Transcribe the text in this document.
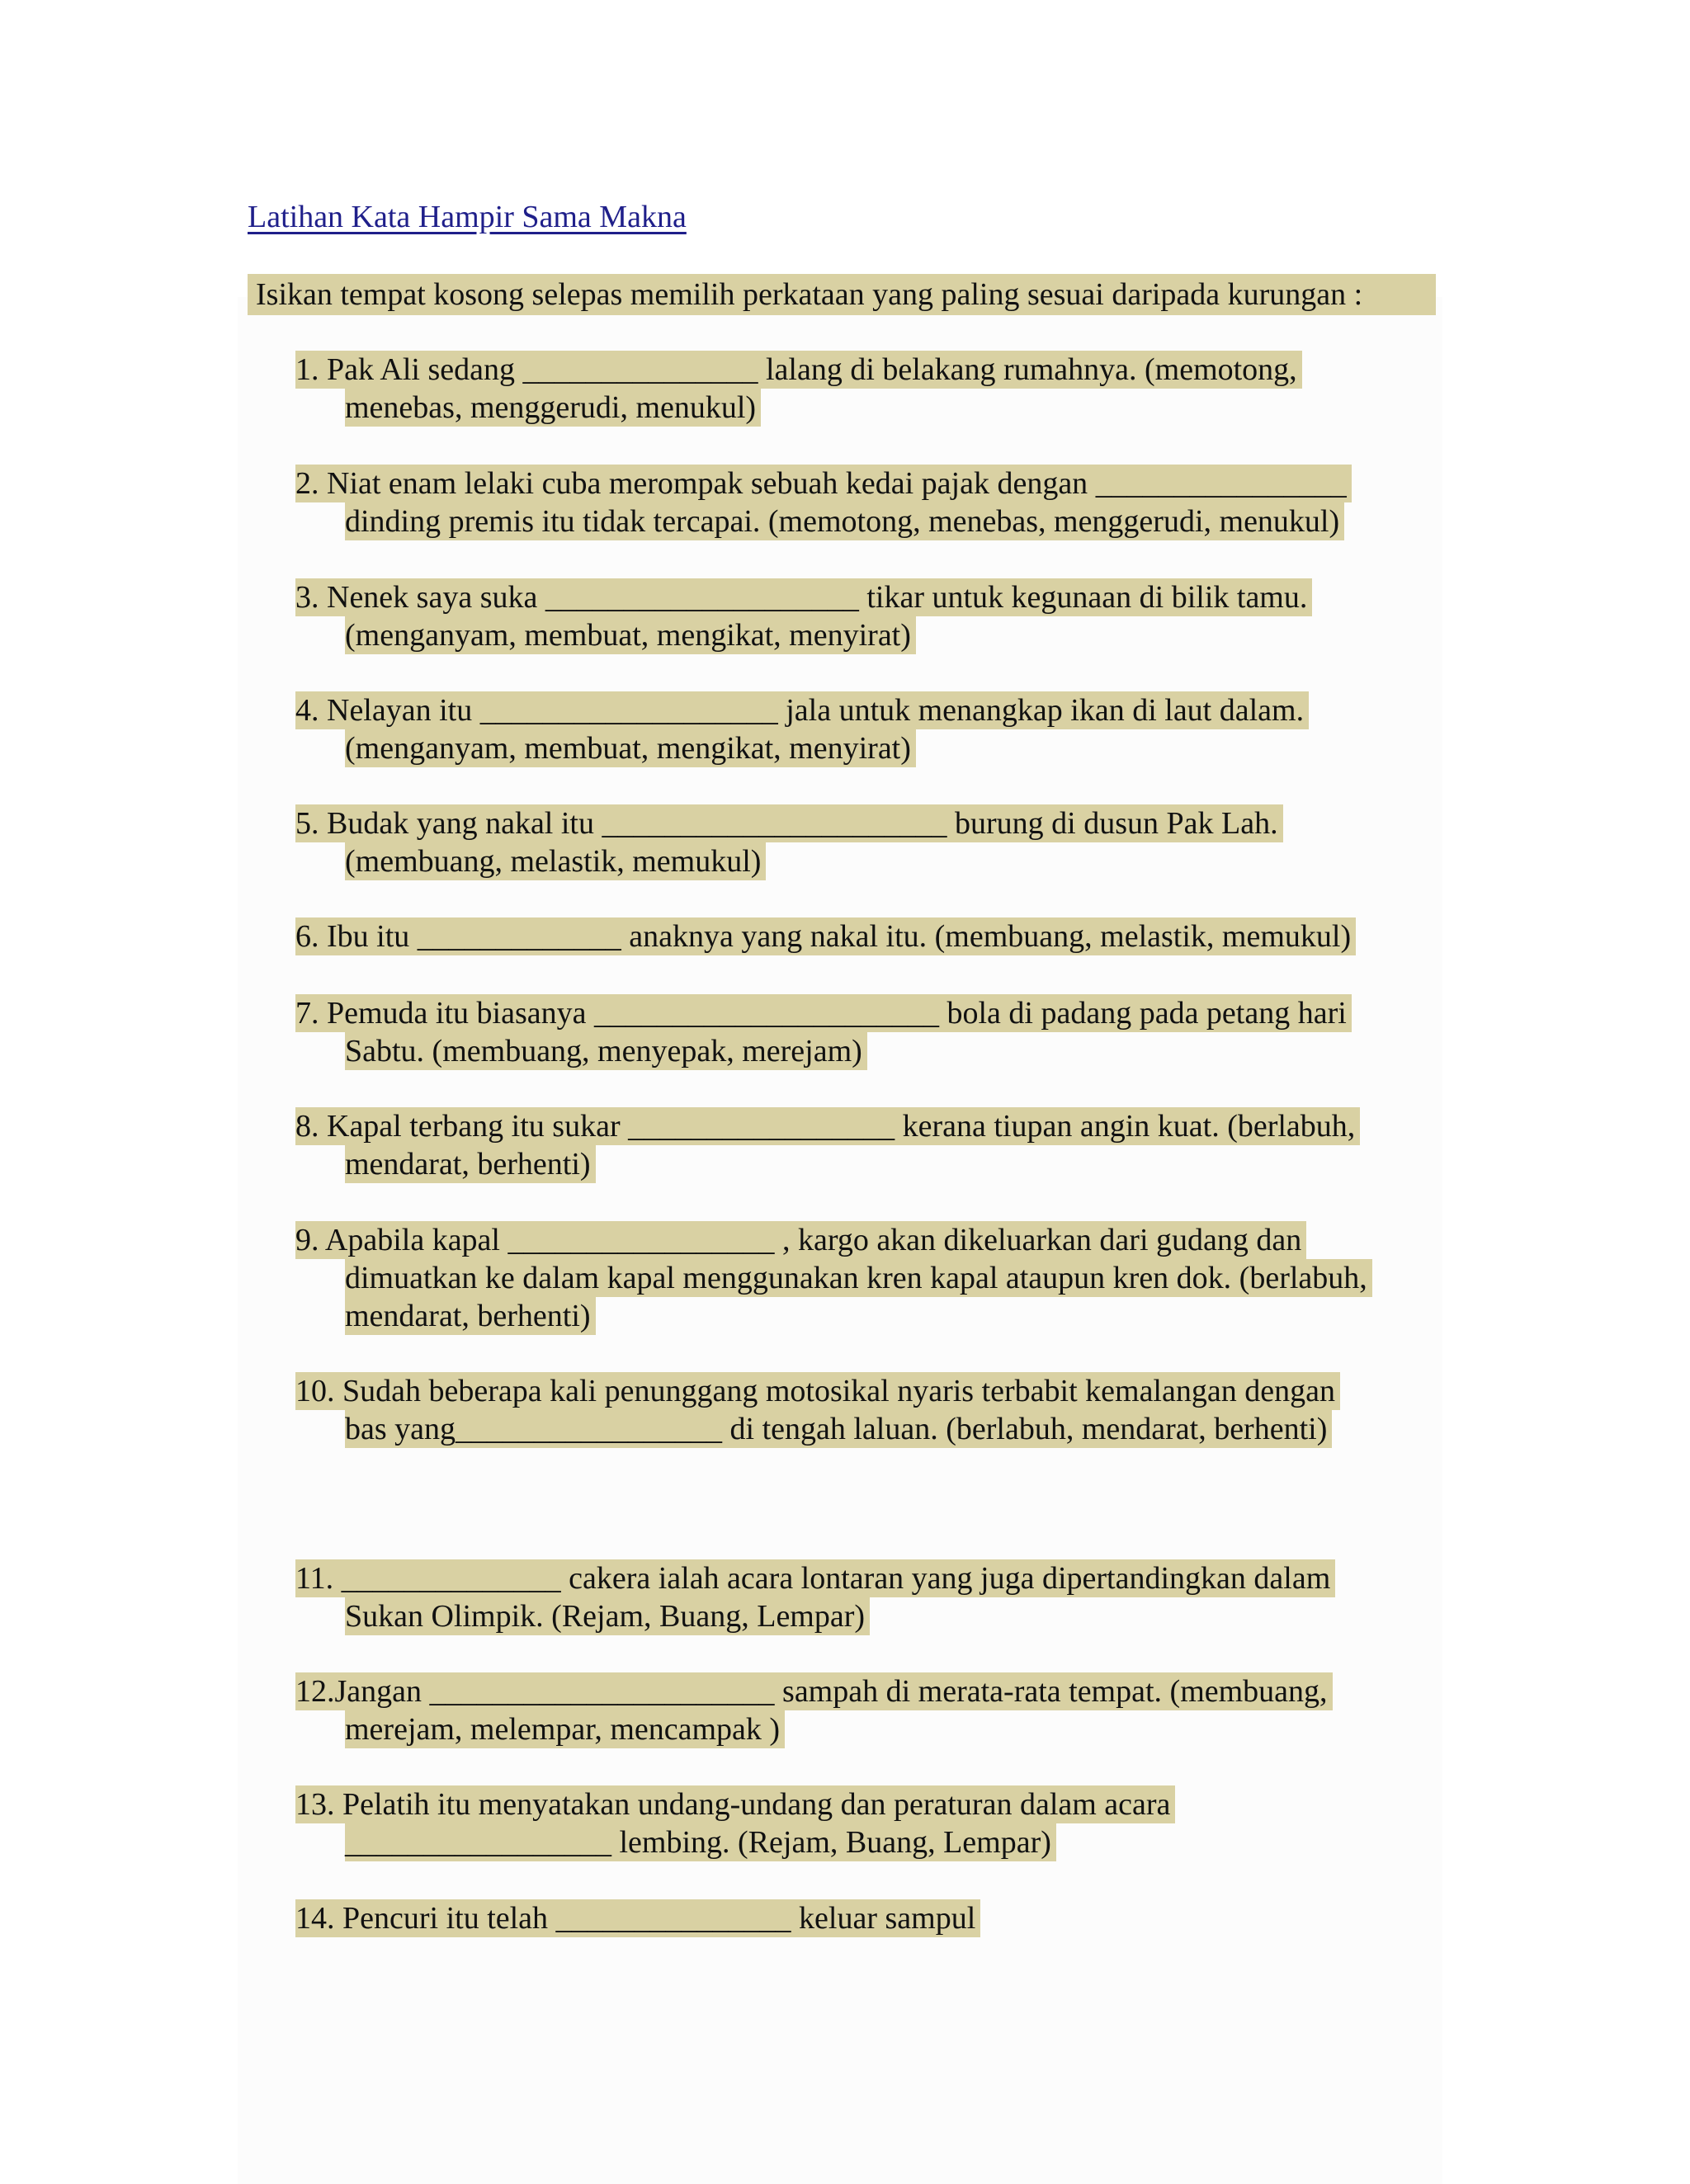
Latihan Kata Hampir Sama Makna
Isikan tempat kosong selepas memilih perkataan yang paling sesuai daripada kurungan :
1. Pak Ali sedang _______________ lalang di belakang rumahnya. (memotong,
menebas, menggerudi, menukul)
2. Niat enam lelaki cuba merompak sebuah kedai pajak dengan ________________
dinding premis itu tidak tercapai. (memotong, menebas, menggerudi, menukul)
3. Nenek saya suka ____________________ tikar untuk kegunaan di bilik tamu.
(menganyam, membuat, mengikat, menyirat)
4. Nelayan itu ___________________ jala untuk menangkap ikan di laut dalam.
(menganyam, membuat, mengikat, menyirat)
5. Budak yang nakal itu ______________________ burung di dusun Pak Lah.
(membuang, melastik, memukul)
6. Ibu itu _____________ anaknya yang nakal itu. (membuang, melastik, memukul)
7. Pemuda itu biasanya ______________________ bola di padang pada petang hari
Sabtu. (membuang, menyepak, merejam)
8. Kapal terbang itu sukar _________________ kerana tiupan angin kuat. (berlabuh,
mendarat, berhenti)
9. Apabila kapal _________________ , kargo akan dikeluarkan dari gudang dan
dimuatkan ke dalam kapal menggunakan kren kapal ataupun kren dok. (berlabuh,
mendarat, berhenti)
10. Sudah beberapa kali penunggang motosikal nyaris terbabit kemalangan dengan
bas yang_________________ di tengah laluan. (berlabuh, mendarat, berhenti)
11. ______________ cakera ialah acara lontaran yang juga dipertandingkan dalam
Sukan Olimpik. (Rejam, Buang, Lempar)
12.Jangan ______________________ sampah di merata-rata tempat. (membuang,
merejam, melempar, mencampak )
13. Pelatih itu menyatakan undang-undang dan peraturan dalam acara
_________________ lembing. (Rejam, Buang, Lempar)
14. Pencuri itu telah _______________ keluar sampul
